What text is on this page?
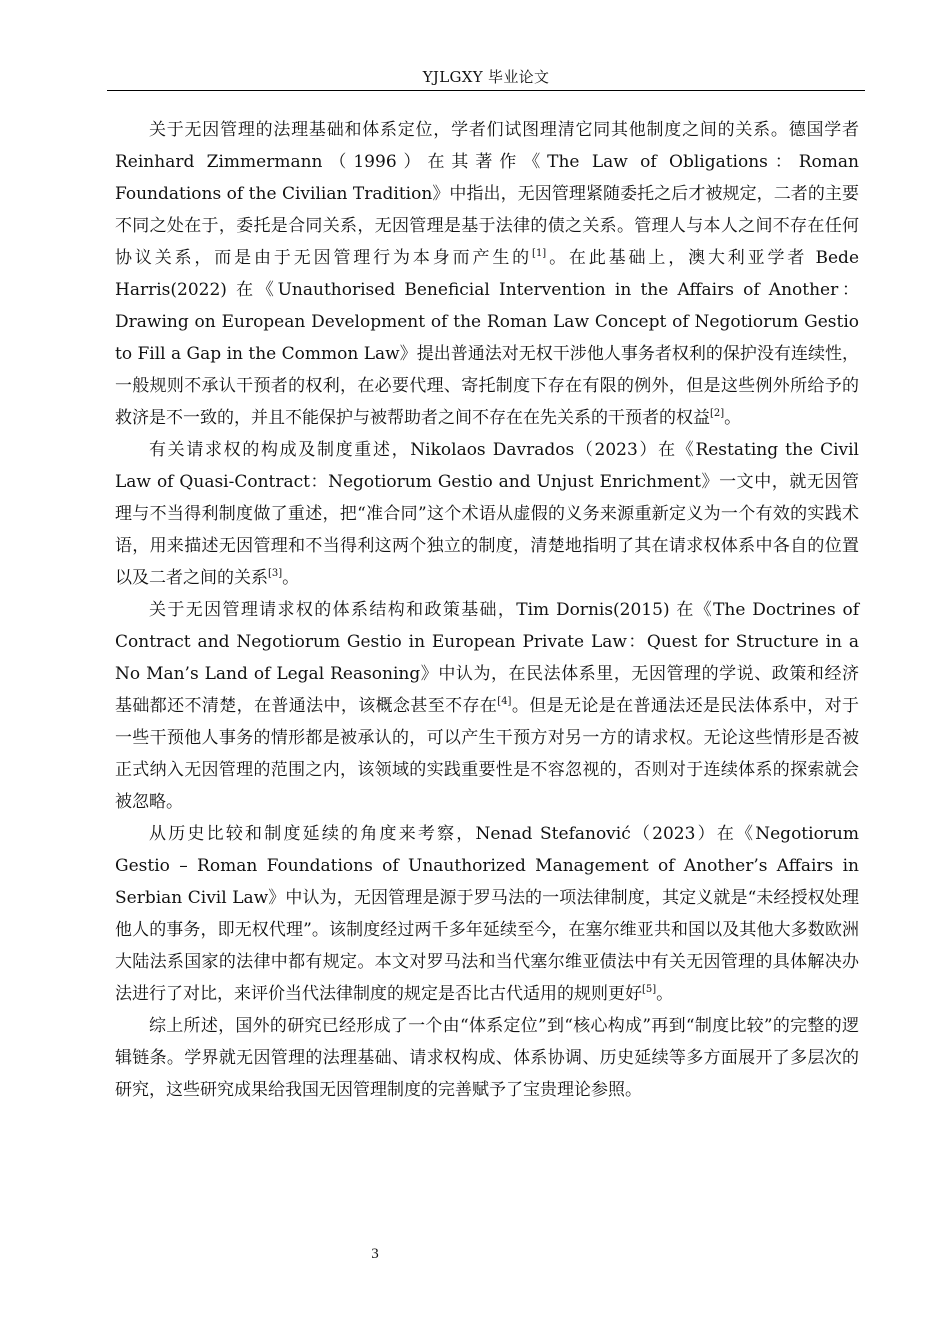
YJLGXY 毕业论文

关于无因管理的法理基础和体系定位，学者们试图理清它同其他制度之间的关系。德国学者 Reinhard Zimmermann（1996）在其著作《The Law of Obligations：Roman Foundations of the Civilian Tradition》中指出，无因管理紧随委托之后才被规定，二者的主要不同之处在于，委托是合同关系，无因管理是基于法律的债之关系。管理人与本人之间不存在任何协议关系，而是由于无因管理行为本身而产生的[1]。在此基础上，澳大利亚学者 Bede Harris(2022) 在《Unauthorised Beneficial Intervention in the Affairs of Another：Drawing on European Development of the Roman Law Concept of Negotiorum Gestio to Fill a Gap in the Common Law》提出普通法对无权干涉他人事务者权利的保护没有连续性，一般规则不承认干预者的权利，在必要代理、寄托制度下存在有限的例外，但是这些例外所给予的救济是不一致的，并且不能保护与被帮助者之间不存在在先关系的干预者的权益[2]。

有关请求权的构成及制度重述，Nikolaos Davrados（2023）在《Restating the Civil Law of Quasi-Contract：Negotiorum Gestio and Unjust Enrichment》一文中，就无因管理与不当得利制度做了重述，把“准合同”这个术语从虚假的义务来源重新定义为一个有效的实践术语，用来描述无因管理和不当得利这两个独立的制度，清楚地指明了其在请求权体系中各自的位置以及二者之间的关系[3]。

关于无因管理请求权的体系结构和政策基础，Tim Dornis(2015) 在《The Doctrines of Contract and Negotiorum Gestio in European Private Law：Quest for Structure in a No Man’s Land of Legal Reasoning》中认为，在民法体系里，无因管理的学说、政策和经济基础都还不清楚，在普通法中，该概念甚至不存在[4]。但是无论是在普通法还是民法体系中，对于一些干预他人事务的情形都是被承认的，可以产生干预方对另一方的请求权。无论这些情形是否被正式纳入无因管理的范围之内，该领域的实践重要性是不容忽视的，否则对于连续体系的探索就会被忽略。

从历史比较和制度延续的角度来考察，Nenad Stefanović（2023）在《Negotiorum Gestio – Roman Foundations of Unauthorized Management of Another’s Affairs in Serbian Civil Law》中认为，无因管理是源于罗马法的一项法律制度，其定义就是“未经授权处理他人的事务，即无权代理”。该制度经过两千多年延续至今，在塞尔维亚共和国以及其他大多数欧洲大陆法系国家的法律中都有规定。本文对罗马法和当代塞尔维亚债法中有关无因管理的具体解决办法进行了对比，来评价当代法律制度的规定是否比古代适用的规则更好[5]。

综上所述，国外的研究已经形成了一个由“体系定位”到“核心构成”再到“制度比较”的完整的逻辑链条。学界就无因管理的法理基础、请求权构成、体系协调、历史延续等多方面展开了多层次的研究，这些研究成果给我国无因管理制度的完善赋予了宝贵理论参照。

3
